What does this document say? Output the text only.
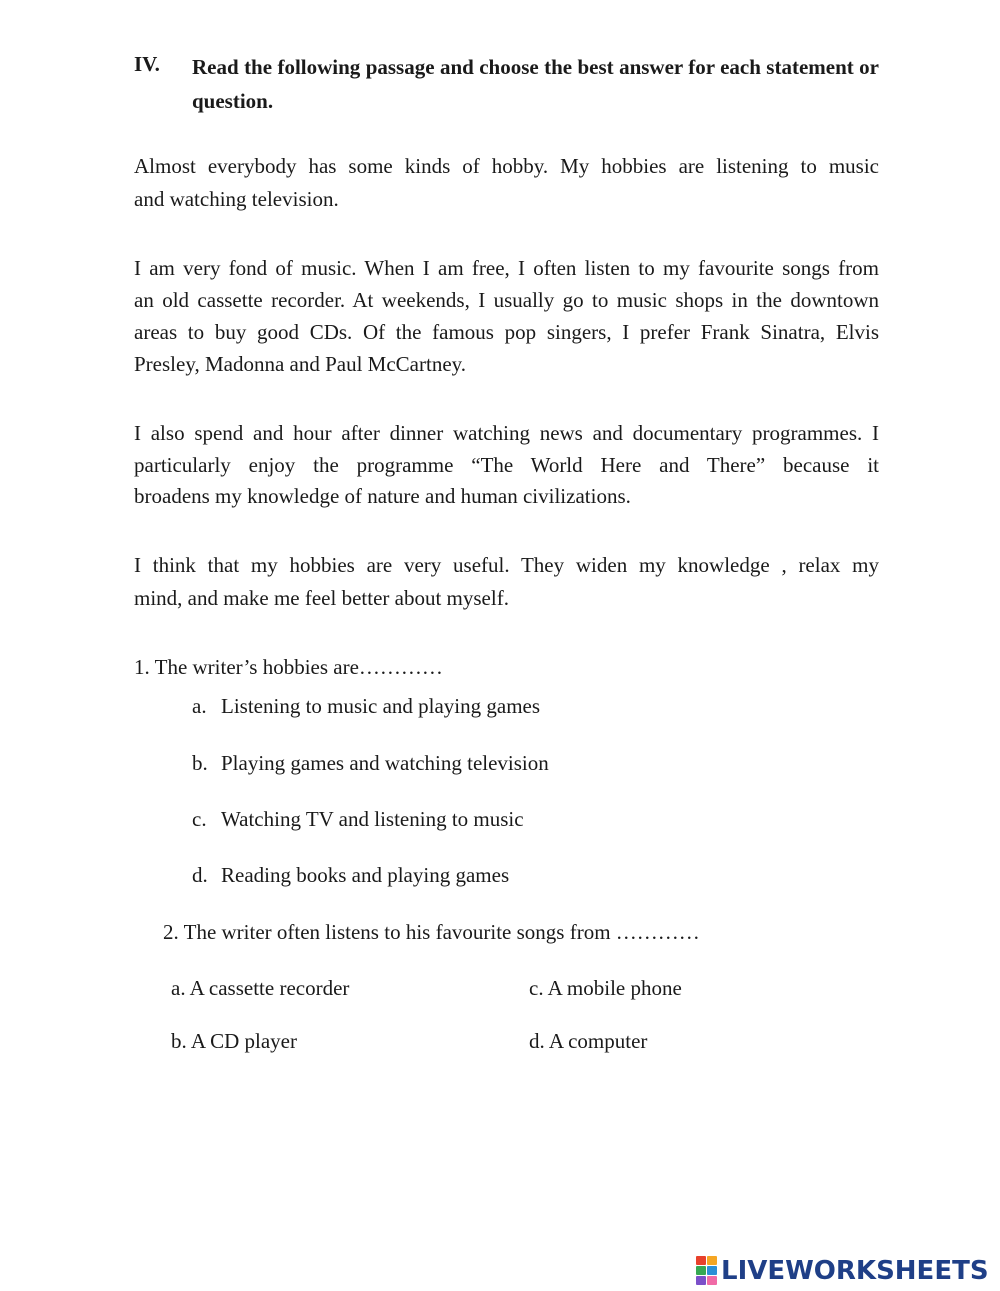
IV. Read the following passage and choose the best answer for each statement or question.
Almost everybody has some kinds of hobby. My hobbies are listening to music
and watching television.
I am very fond of music. When I am free, I often listen to my favourite songs from
an old cassette recorder. At weekends, I usually go to music shops in the downtown
areas to buy good CDs. Of the famous pop singers, I prefer Frank Sinatra, Elvis
Presley, Madonna and Paul McCartney.
I also spend and hour after dinner watching news and documentary programmes. I
particularly enjoy the programme “The World Here and There” because it
broadens my knowledge of nature and human civilizations.
I think that my hobbies are very useful. They widen my knowledge , relax my
mind, and make me feel better about myself.
1. The writer’s hobbies are…………
a. Listening to music and playing games
b. Playing games and watching television
c. Watching TV and listening to music
d. Reading books and playing games
2. The writer often listens to his favourite songs from …………
a. A cassette recorder	c. A mobile phone
b. A CD player	d. A computer
LIVEWORKSHEETS
